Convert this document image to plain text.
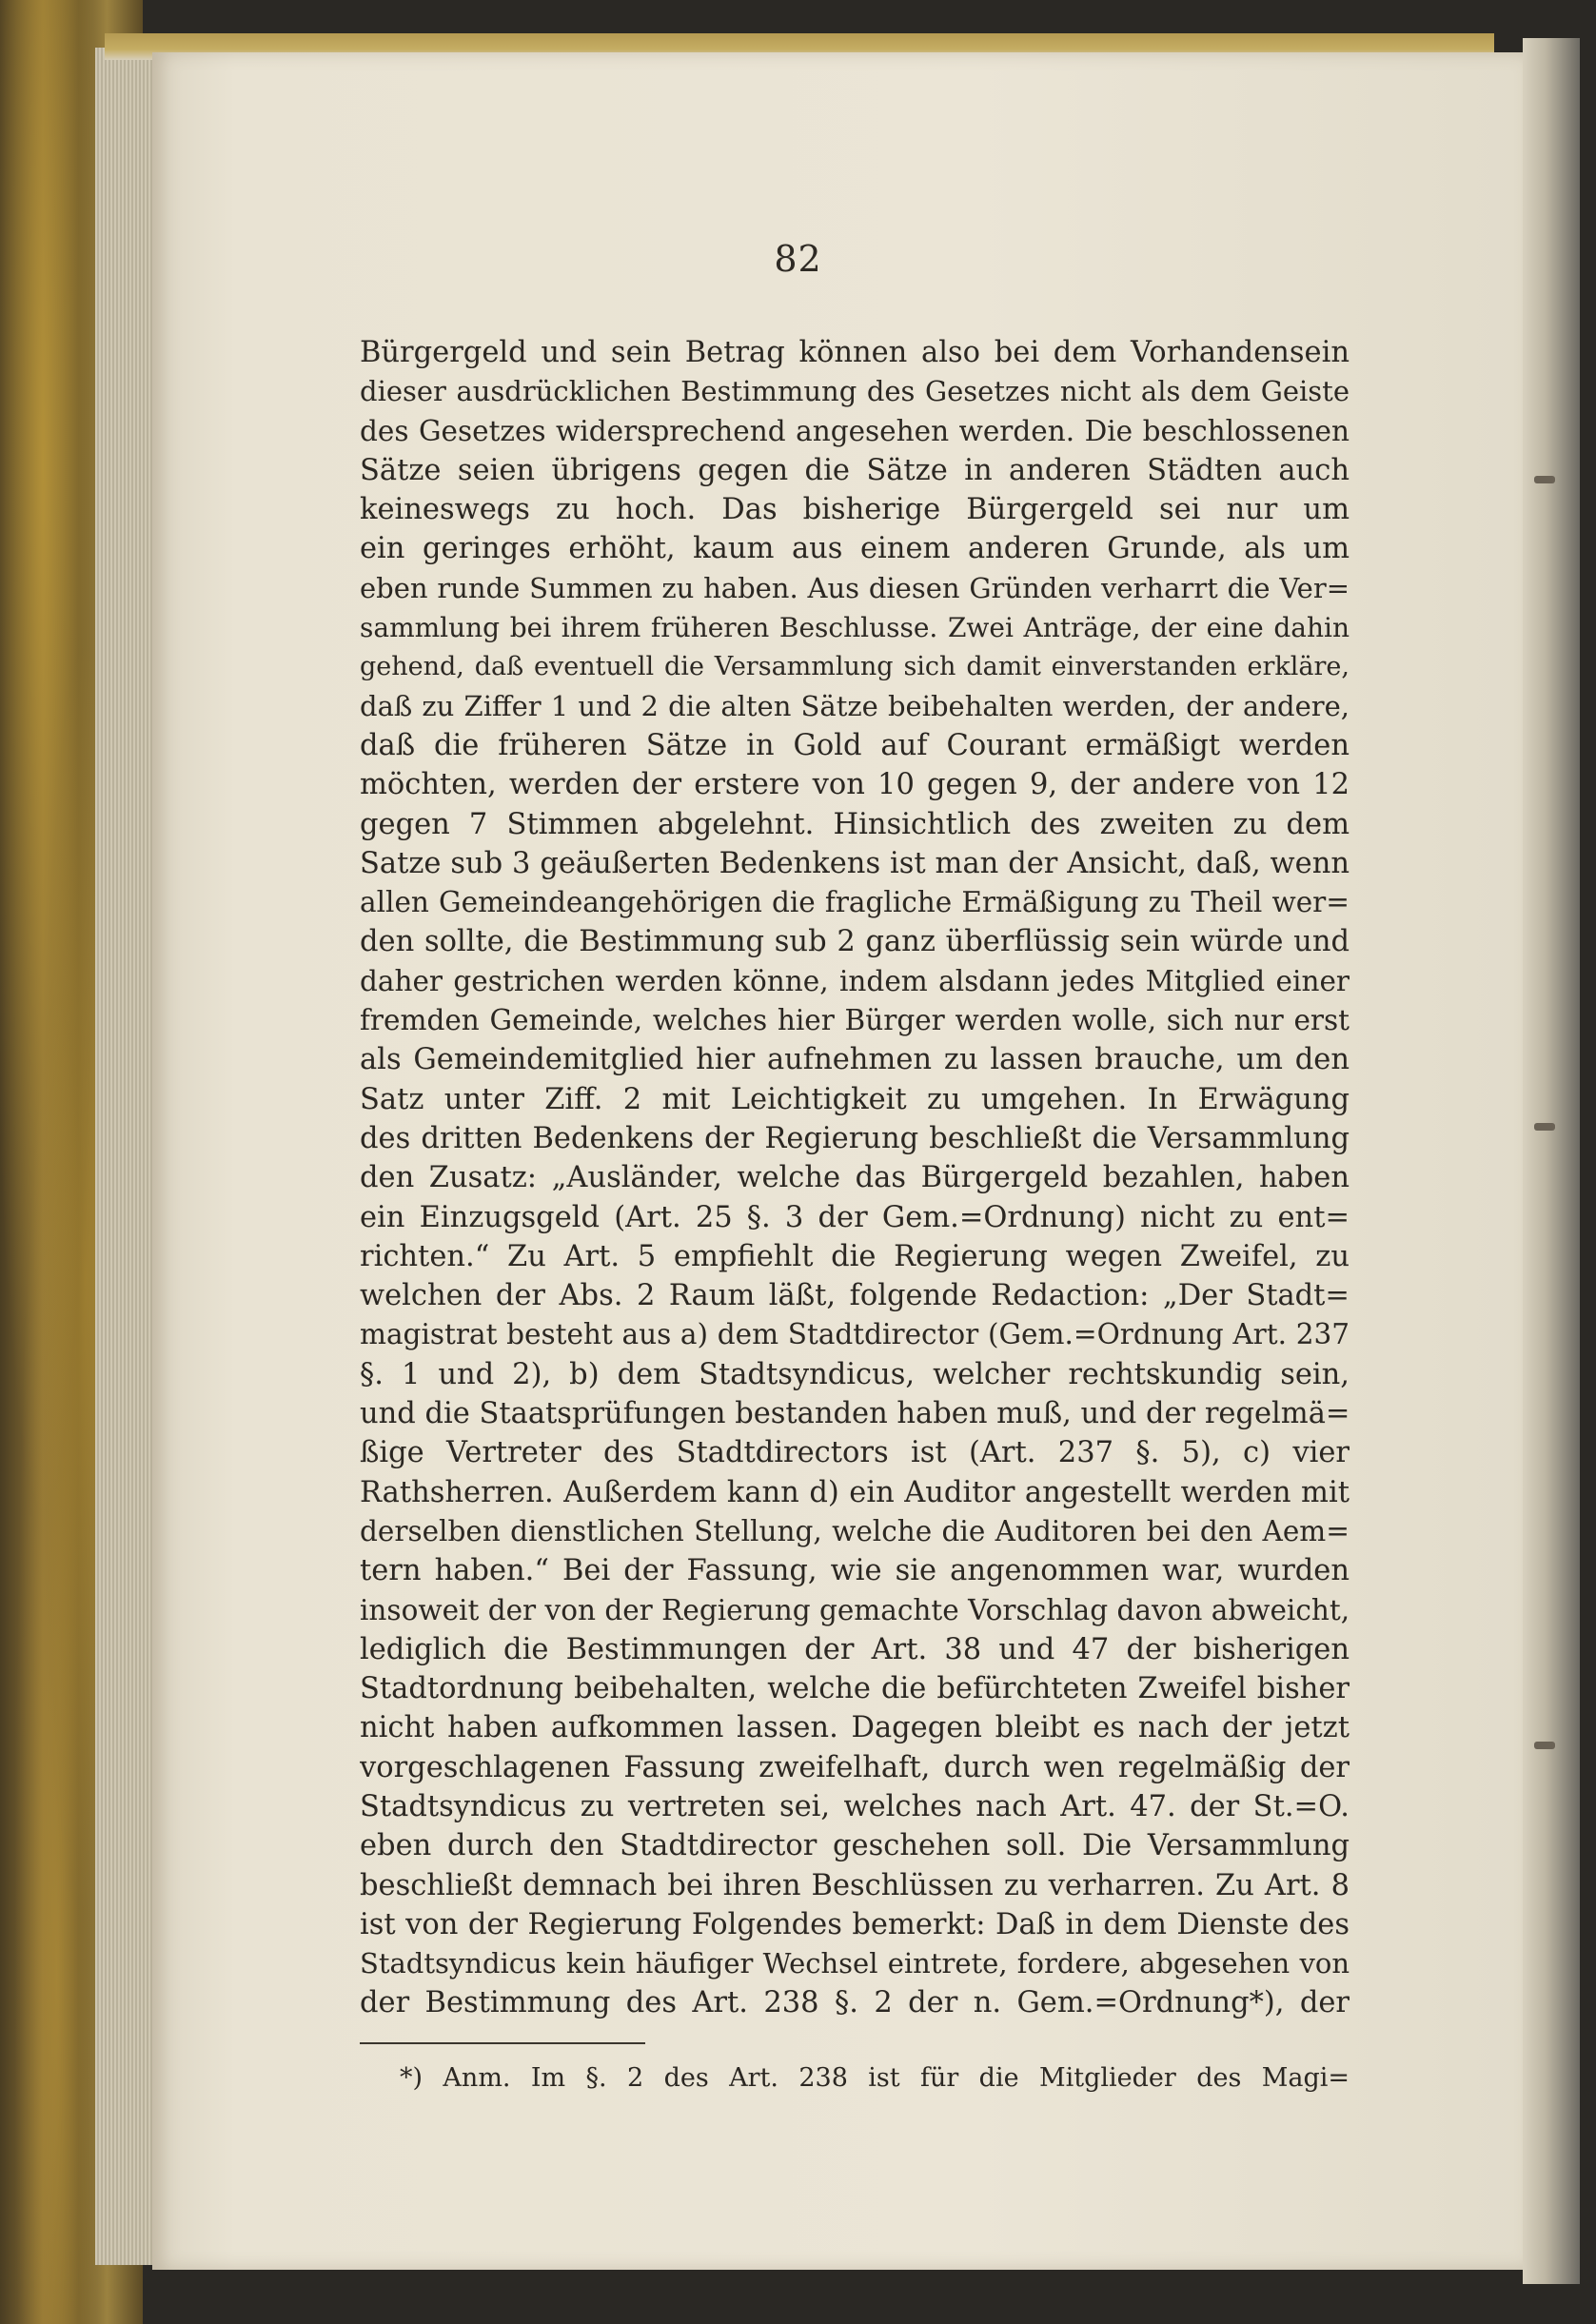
82
Bürgergeld und sein Betrag können also bei dem Vorhandensein
dieser ausdrücklichen Bestimmung des Gesetzes nicht als dem Geiste
des Gesetzes widersprechend angesehen werden. Die beschlossenen
Sätze seien übrigens gegen die Sätze in anderen Städten auch
keineswegs zu hoch. Das bisherige Bürgergeld sei nur um
ein geringes erhöht, kaum aus einem anderen Grunde, als um
eben runde Summen zu haben. Aus diesen Gründen verharrt die Ver=
sammlung bei ihrem früheren Beschlusse. Zwei Anträge, der eine dahin
gehend, daß eventuell die Versammlung sich damit einverstanden erkläre,
daß zu Ziffer 1 und 2 die alten Sätze beibehalten werden, der andere,
daß die früheren Sätze in Gold auf Courant ermäßigt werden
möchten, werden der erstere von 10 gegen 9, der andere von 12
gegen 7 Stimmen abgelehnt. Hinsichtlich des zweiten zu dem
Satze sub 3 geäußerten Bedenkens ist man der Ansicht, daß, wenn
allen Gemeindeangehörigen die fragliche Ermäßigung zu Theil wer=
den sollte, die Bestimmung sub 2 ganz überflüssig sein würde und
daher gestrichen werden könne, indem alsdann jedes Mitglied einer
fremden Gemeinde, welches hier Bürger werden wolle, sich nur erst
als Gemeindemitglied hier aufnehmen zu lassen brauche, um den
Satz unter Ziff. 2 mit Leichtigkeit zu umgehen. In Erwägung
des dritten Bedenkens der Regierung beschließt die Versammlung
den Zusatz: „Ausländer, welche das Bürgergeld bezahlen, haben
ein Einzugsgeld (Art. 25 §. 3 der Gem.=Ordnung) nicht zu ent=
richten.“ Zu Art. 5 empfiehlt die Regierung wegen Zweifel, zu
welchen der Abs. 2 Raum läßt, folgende Redaction: „Der Stadt=
magistrat besteht aus a) dem Stadtdirector (Gem.=Ordnung Art. 237
§. 1 und 2), b) dem Stadtsyndicus, welcher rechtskundig sein,
und die Staatsprüfungen bestanden haben muß, und der regelmä=
ßige Vertreter des Stadtdirectors ist (Art. 237 §. 5), c) vier
Rathsherren. Außerdem kann d) ein Auditor angestellt werden mit
derselben dienstlichen Stellung, welche die Auditoren bei den Aem=
tern haben.“ Bei der Fassung, wie sie angenommen war, wurden
insoweit der von der Regierung gemachte Vorschlag davon abweicht,
lediglich die Bestimmungen der Art. 38 und 47 der bisherigen
Stadtordnung beibehalten, welche die befürchteten Zweifel bisher
nicht haben aufkommen lassen. Dagegen bleibt es nach der jetzt
vorgeschlagenen Fassung zweifelhaft, durch wen regelmäßig der
Stadtsyndicus zu vertreten sei, welches nach Art. 47. der St.=O.
eben durch den Stadtdirector geschehen soll. Die Versammlung
beschließt demnach bei ihren Beschlüssen zu verharren. Zu Art. 8
ist von der Regierung Folgendes bemerkt: Daß in dem Dienste des
Stadtsyndicus kein häufiger Wechsel eintrete, fordere, abgesehen von
der Bestimmung des Art. 238 §. 2 der n. Gem.=Ordnung*), der
*) Anm. Im §. 2 des Art. 238 ist für die Mitglieder des Magi=
